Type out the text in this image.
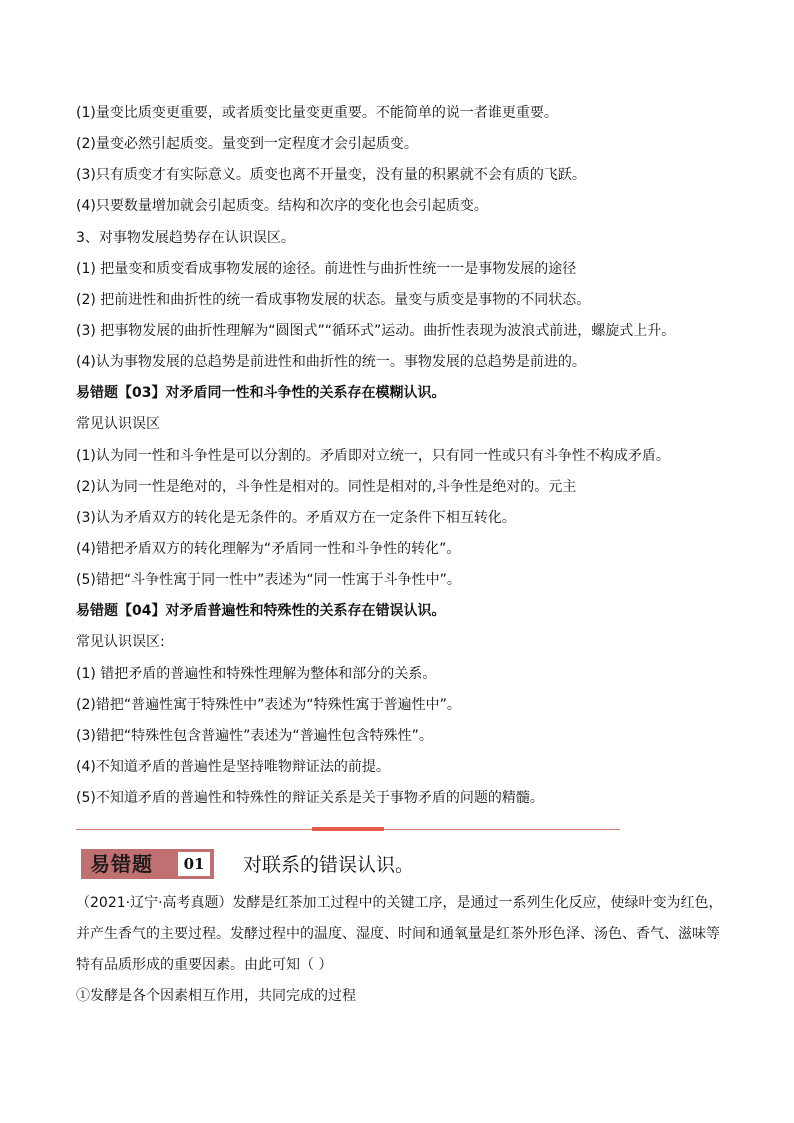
(1)量变比质变更重要，或者质变比量变更重要。不能简单的说一者谁更重要。
(2)量变必然引起质变。量变到一定程度才会引起质变。
(3)只有质变才有实际意义。质变也离不开量变，没有量的积累就不会有质的飞跃。
(4)只要数量增加就会引起质变。结构和次序的变化也会引起质变。
3、对事物发展趋势存在认识误区。
(1) 把量变和质变看成事物发展的途径。前进性与曲折性统一一是事物发展的途径
(2) 把前进性和曲折性的统一看成事物发展的状态。量变与质变是事物的不同状态。
(3) 把事物发展的曲折性理解为“圆图式”“循环式”运动。曲折性表现为波浪式前进，螺旋式上升。
(4)认为事物发展的总趋势是前进性和曲折性的统一。事物发展的总趋势是前进的。
易错题【03】对矛盾同一性和斗争性的关系存在模糊认识。
常见认识误区
(1)认为同一性和斗争性是可以分割的。矛盾即对立统一，只有同一性或只有斗争性不构成矛盾。
(2)认为同一性是绝对的，斗争性是相对的。同性是相对的,斗争性是绝对的。元主
(3)认为矛盾双方的转化是无条件的。矛盾双方在一定条件下相互转化。
(4)错把矛盾双方的转化理解为“矛盾同一性和斗争性的转化”。
(5)错把“斗争性寓于同一性中”表述为“同一性寓于斗争性中”。
易错题【04】对矛盾普遍性和特殊性的关系存在错误认识。
常见认识误区:
(1) 错把矛盾的普遍性和特殊性理解为整体和部分的关系。
(2)错把“普遍性寓于特殊性中”表述为“特殊性寓于普遍性中”。
(3)错把“特殊性包含普遍性”表述为“普遍性包含特殊性”。
(4)不知道矛盾的普遍性是坚持唯物辩证法的前提。
(5)不知道矛盾的普遍性和特殊性的辩证关系是关于事物矛盾的问题的精髓。
易错题	01 对联系的错误认识。
（2021·辽宁·高考真题）发酵是红茶加工过程中的关键工序，是通过一系列生化反应，使绿叶变为红色，
并产生香气的主要过程。发酵过程中的温度、湿度、时间和通氧量是红茶外形色泽、汤色、香气、滋味等
特有品质形成的重要因素。由此可知（ ）
①发酵是各个因素相互作用，共同完成的过程
